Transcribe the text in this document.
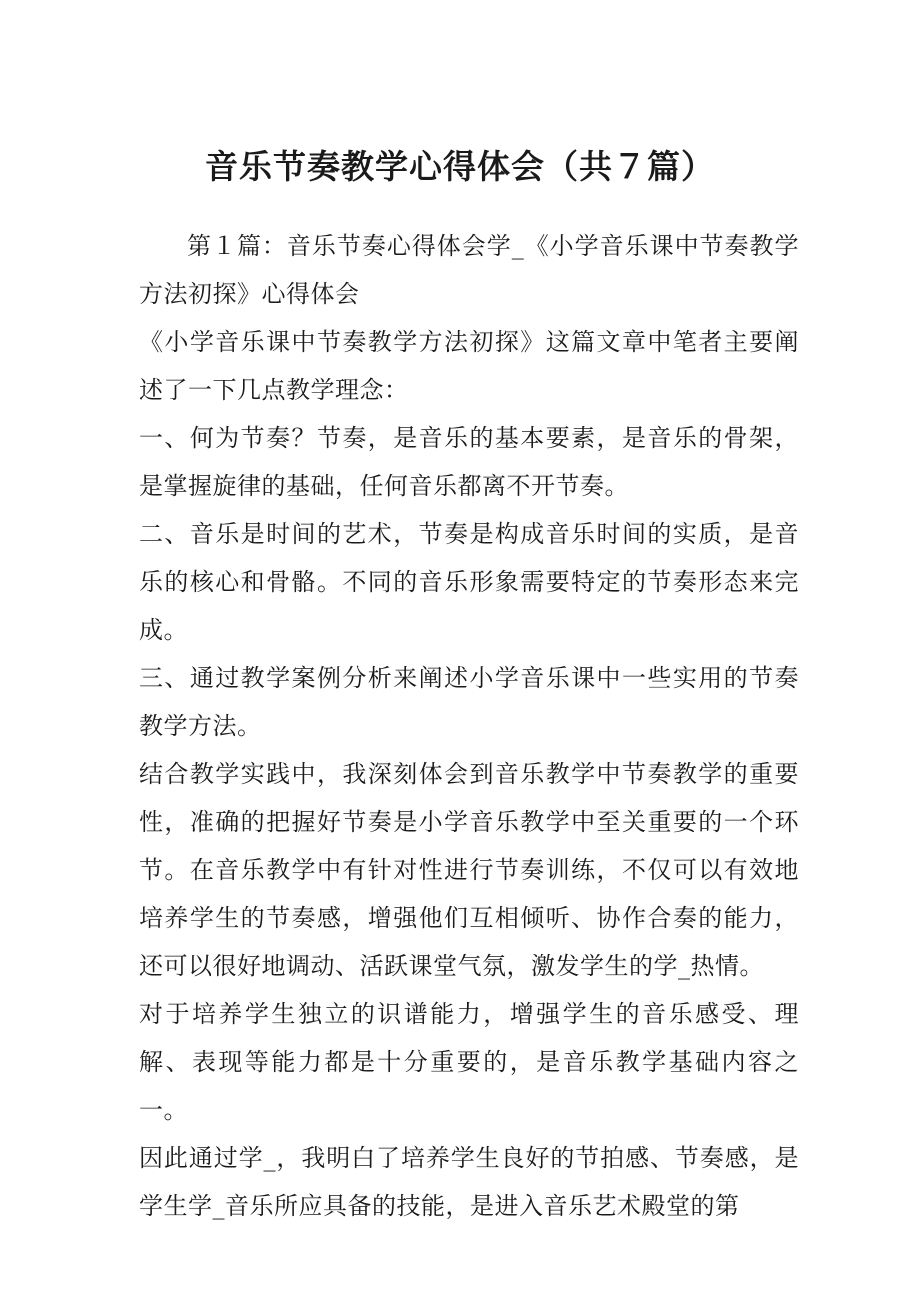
音乐节奏教学心得体会（共７篇）

第１篇：音乐节奏心得体会学_《小学音乐课中节奏教学方法初探》心得体会

《小学音乐课中节奏教学方法初探》这篇文章中笔者主要阐述了一下几点教学理念：

一、何为节奏？节奏，是音乐的基本要素，是音乐的骨架，是掌握旋律的基础，任何音乐都离不开节奏。

二、音乐是时间的艺术，节奏是构成音乐时间的实质，是音乐的核心和骨骼。不同的音乐形象需要特定的节奏形态来完成。

三、通过教学案例分析来阐述小学音乐课中一些实用的节奏教学方法。

结合教学实践中，我深刻体会到音乐教学中节奏教学的重要性，准确的把握好节奏是小学音乐教学中至关重要的一个环节。在音乐教学中有针对性进行节奏训练，不仅可以有效地培养学生的节奏感，增强他们互相倾听、协作合奏的能力，还可以很好地调动、活跃课堂气氛，激发学生的学_热情。

对于培养学生独立的识谱能力，增强学生的音乐感受、理解、表现等能力都是十分重要的，是音乐教学基础内容之一。

因此通过学_，我明白了培养学生良好的节拍感、节奏感，是学生学_音乐所应具备的技能，是进入音乐艺术殿堂的第
